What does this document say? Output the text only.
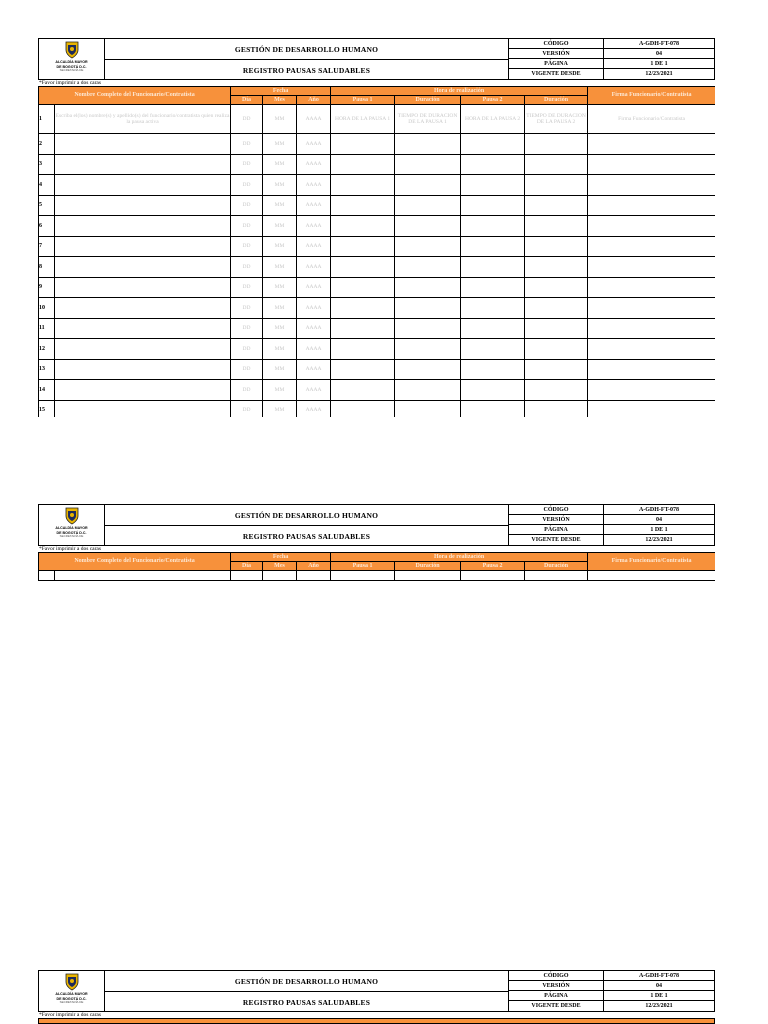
ALCALDÍA MAYOR
DE BOGOTÁ D.C.
SECRETARÍA DE
GESTIÓN DE DESARROLLO HUMANO
REGISTRO PAUSAS SALUDABLES
CÓDIGO	A-GDH-FT-078
VERSIÓN	04
PÁGINA	1 DE 1
VIGENTE DESDE	12/23/2021
*Favor imprimir a dos caras
Nombre Completo del Funcionario/Contratista		Fecha			Hora de realización				Firma Funcionario/Contratista
		Día	Mes	Año	Pausa 1	Duración	Pausa 2	Duración	
1	Escriba el(los) nombre(s) y apellido(s) del funcionario/contratista quien realiza la pausa activa	DD	MM	AAAA	HORA DE LA PAUSA 1	TIEMPO DE DURACION DE LA PAUSA 1	HORA DE LA PAUSA 2	TIEMPO DE DURACION DE LA PAUSA 2	Firma Funcionario/Contratista
2		DD	MM	AAAA					
3		DD	MM	AAAA					
4		DD	MM	AAAA					
5		DD	MM	AAAA					
6		DD	MM	AAAA					
7		DD	MM	AAAA					
8		DD	MM	AAAA					
9		DD	MM	AAAA					
10		DD	MM	AAAA					
11		DD	MM	AAAA					
12		DD	MM	AAAA					
13		DD	MM	AAAA					
14		DD	MM	AAAA					
15		DD	MM	AAAA					
ALCALDÍA MAYOR
DE BOGOTÁ D.C.
SECRETARÍA DE
GESTIÓN DE DESARROLLO HUMANO
REGISTRO PAUSAS SALUDABLES
CÓDIGO	A-GDH-FT-078
VERSIÓN	04
PÁGINA	1 DE 1
VIGENTE DESDE	12/23/2021
*Favor imprimir a dos caras
Nombre Completo del Funcionario/Contratista		Fecha			Hora de realización				Firma Funcionario/Contratista
		Día	Mes	Año	Pausa 1	Duración	Pausa 2	Duración	

ALCALDÍA MAYOR
DE BOGOTÁ D.C.
SECRETARÍA DE
GESTIÓN DE DESARROLLO HUMANO
REGISTRO PAUSAS SALUDABLES
CÓDIGO	A-GDH-FT-078
VERSIÓN	04
PÁGINA	1 DE 1
VIGENTE DESDE	12/23/2021
*Favor imprimir a dos caras
